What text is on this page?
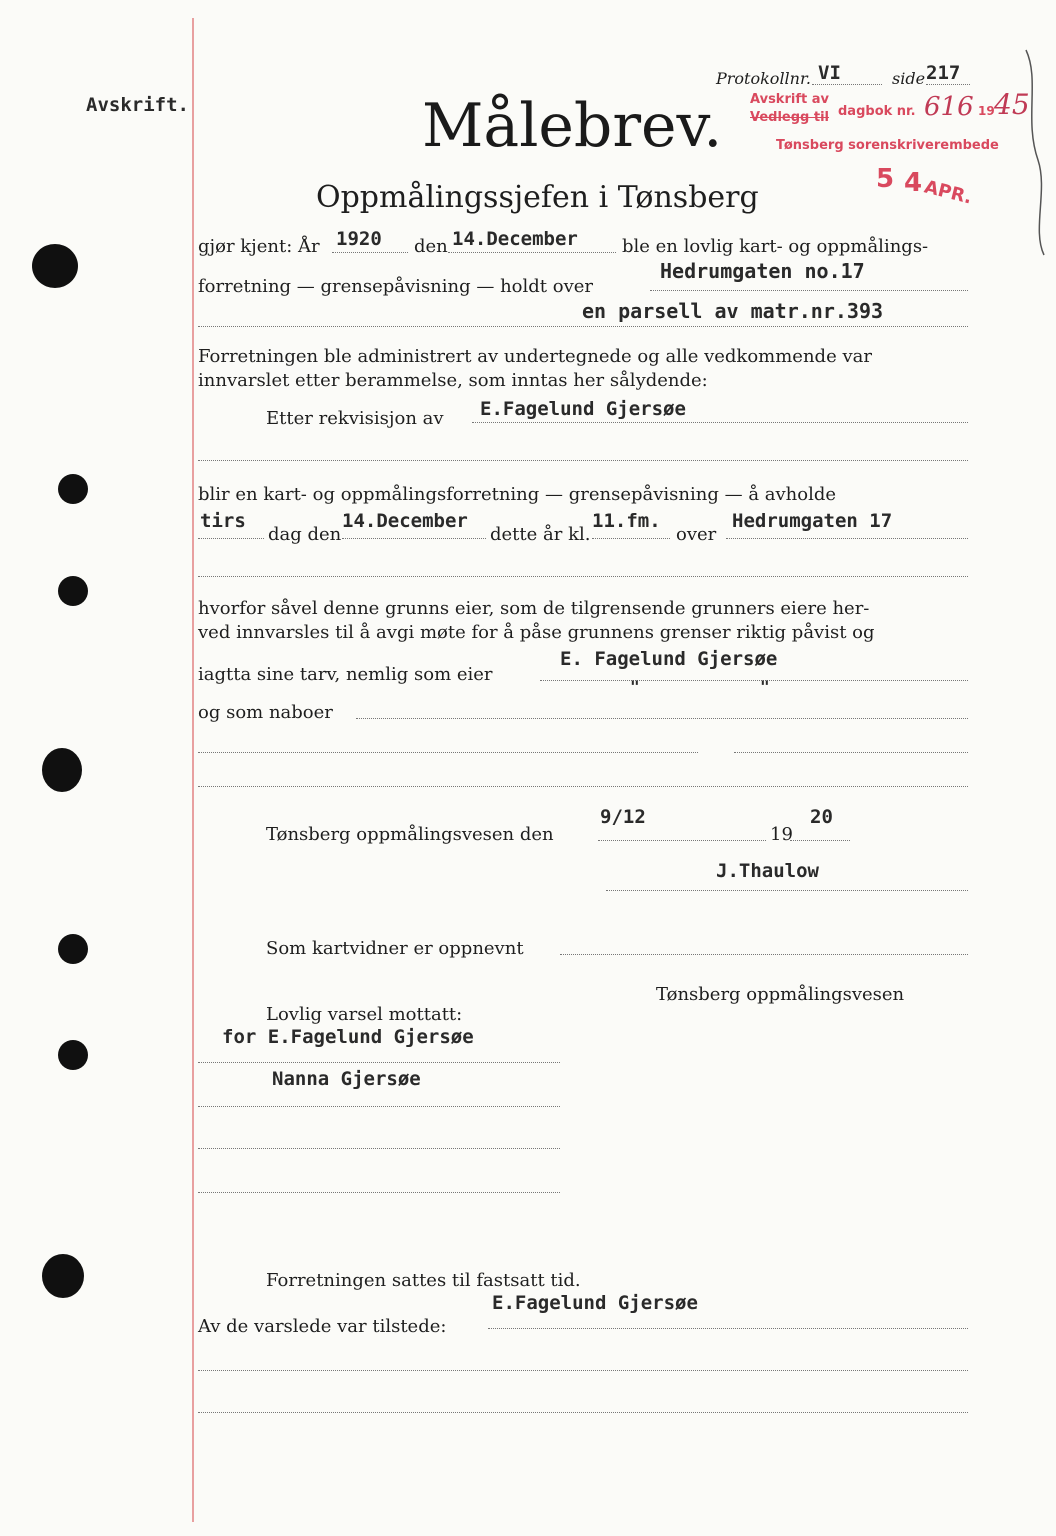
Avskrift.
Protokollnr. VI	side 217
Målebrev.
Oppmålingssjefen i Tønsberg
Avskrift av
Vedlegg til dagbok nr. 616 19 45
Tønsberg sorenskriverembede
5 4 APR.
gjør kjent: År 1920 den 14.December ble en lovlig kart- og oppmålings-
forretning — grensepåvisning — holdt over
Hedrumgaten no.17
en parsell av matr.nr.393
Forretningen ble administrert av undertegnede og alle vedkommende var
innvarslet etter berammelse, som inntas her sålydende:
Etter rekvisisjon av E.Fagelund Gjersøe
blir en kart- og oppmålingsforretning — grensepåvisning — å avholde
tirs
dag den
14.December
dette år kl.
11.fm.
over
Hedrumgaten 17
hvorfor såvel denne grunns eier, som de tilgrensende grunners eiere her-
ved innvarsles til å avgi møte for å påse grunnens grenser riktig påvist og
iagtta sine tarv, nemlig som eier
E. Fagelund Gjersøe
"	"
og som naboer
Tønsberg oppmålingsvesen den
9/12
19
20
J.Thaulow
Som kartvidner er oppnevnt
Tønsberg oppmålingsvesen
Lovlig varsel mottatt:
for E.Fagelund Gjersøe
Nanna Gjersøe
Forretningen sattes til fastsatt tid.
E.Fagelund Gjersøe
Av de varslede var tilstede:
